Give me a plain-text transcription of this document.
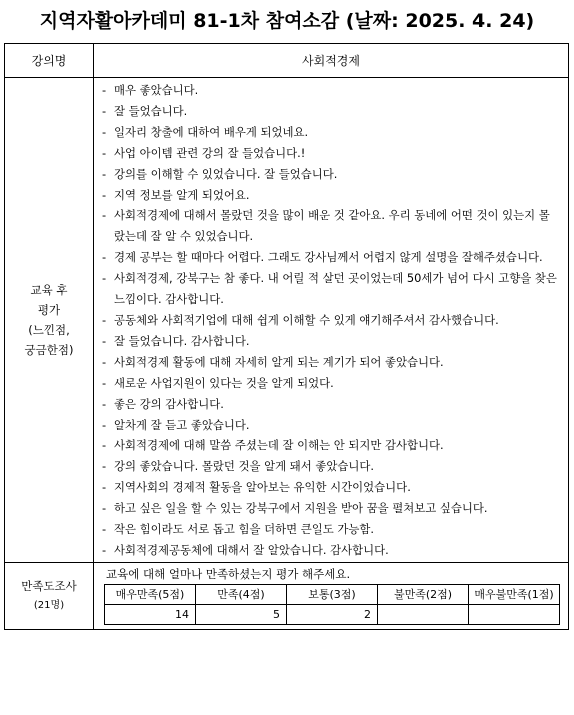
지역자활아카데미 81-1차 참여소감 (날짜: 2025. 4. 24)
강의명	사회적경제

교육 후
평가
(느낀점,
궁금한점)

- 매우 좋았습니다.
- 잘 들었습니다.
- 일자리 창출에 대하여 배우게 되었네요.
- 사업 아이템 관련 강의 잘 들었습니다.!
- 강의를 이해할 수 있었습니다. 잘 들었습니다.
- 지역 정보를 알게 되었어요.
- 사회적경제에 대해서 몰랐던 것을 많이 배운 것 같아요. 우리 동네에 어떤 것이 있는지 몰랐는데 잘 알 수 있었습니다.
- 경제 공부는 할 때마다 어렵다. 그래도 강사님께서 어렵지 않게 설명을 잘해주셨습니다.
- 사회적경제, 강북구는 참 좋다. 내 어릴 적 살던 곳이었는데 50세가 넘어 다시 고향을 찾은 느낌이다. 감사합니다.
- 공동체와 사회적기업에 대해 쉽게 이해할 수 있게 얘기해주셔서 감사했습니다.
- 잘 들었습니다. 감사합니다.
- 사회적경제 활동에 대해 자세히 알게 되는 계기가 되어 좋았습니다.
- 새로운 사업지원이 있다는 것을 알게 되었다.
- 좋은 강의 감사합니다.
- 알차게 잘 듣고 좋았습니다.
- 사회적경제에 대해 말씀 주셨는데 잘 이해는 안 되지만 감사합니다.
- 강의 좋았습니다. 몰랐던 것을 알게 돼서 좋았습니다.
- 지역사회의 경제적 활동을 알아보는 유익한 시간이었습니다.
- 하고 싶은 일을 할 수 있는 강북구에서 지원을 받아 꿈을 펼쳐보고 싶습니다.
- 작은 힘이라도 서로 돕고 힘을 더하면 큰일도 가능함.
- 사회적경제공동체에 대해서 잘 알았습니다. 감사합니다.

만족도조사
(21명)

교육에 대해 얼마나 만족하셨는지 평가 해주세요.
매우만족(5점)	만족(4점)	보통(3점)	불만족(2점)	매우불만족(1점)
14	5	2		
